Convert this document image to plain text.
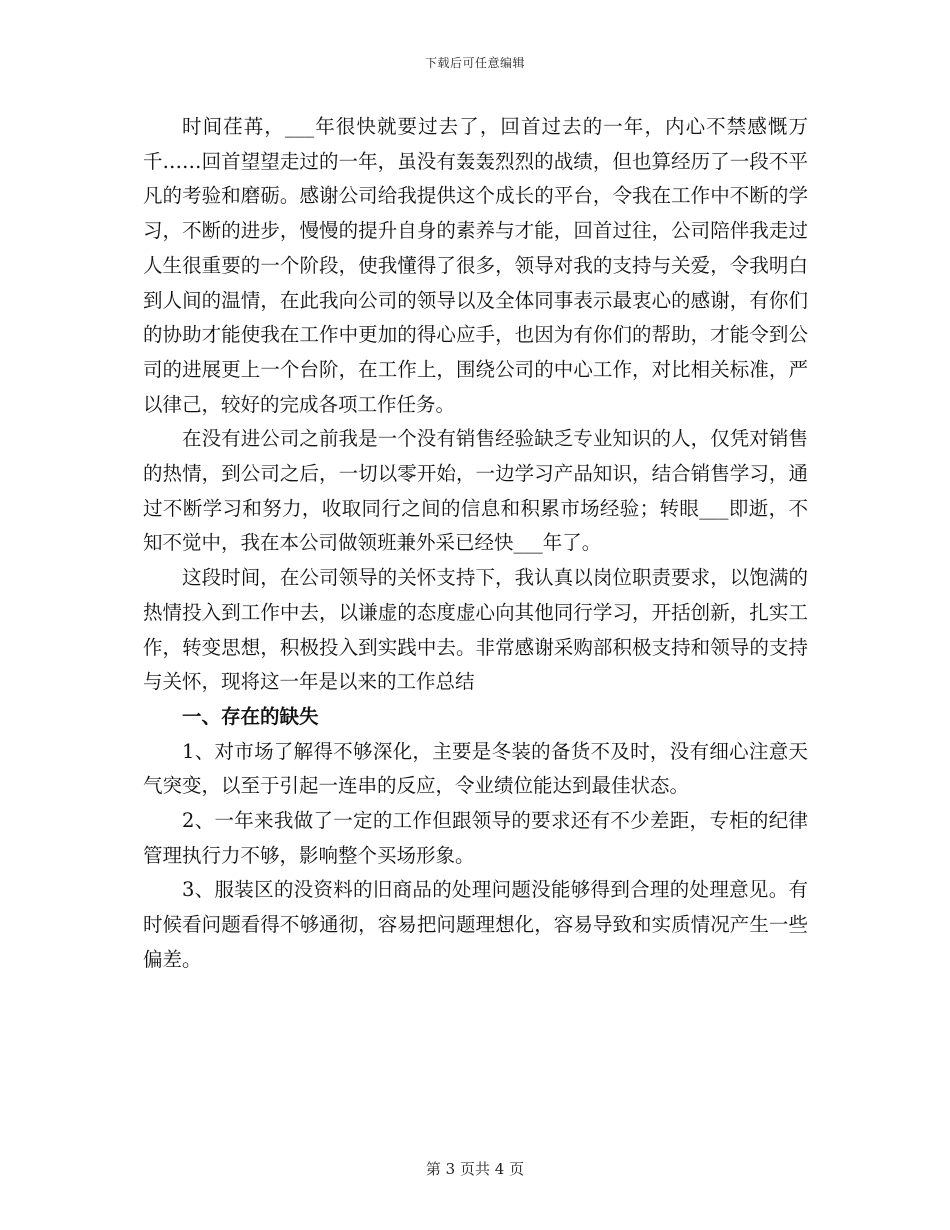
下载后可任意编辑

时间荏苒，___年很快就要过去了，回首过去的一年，内心不禁感慨万千……回首望望走过的一年，虽没有轰轰烈烈的战绩，但也算经历了一段不平凡的考验和磨砺。感谢公司给我提供这个成长的平台，令我在工作中不断的学习，不断的进步，慢慢的提升自身的素养与才能，回首过往，公司陪伴我走过人生很重要的一个阶段，使我懂得了很多，领导对我的支持与关爱，令我明白到人间的温情，在此我向公司的领导以及全体同事表示最衷心的感谢，有你们的协助才能使我在工作中更加的得心应手，也因为有你们的帮助，才能令到公司的进展更上一个台阶，在工作上，围绕公司的中心工作，对比相关标准，严以律己，较好的完成各项工作任务。

在没有进公司之前我是一个没有销售经验缺乏专业知识的人，仅凭对销售的热情，到公司之后，一切以零开始，一边学习产品知识，结合销售学习，通过不断学习和努力，收取同行之间的信息和积累市场经验；转眼___即逝，不知不觉中，我在本公司做领班兼外采已经快___年了。

这段时间，在公司领导的关怀支持下，我认真以岗位职责要求，以饱满的热情投入到工作中去，以谦虚的态度虚心向其他同行学习，开括创新，扎实工作，转变思想，积极投入到实践中去。非常感谢采购部积极支持和领导的支持与关怀，现将这一年是以来的工作总结

一、存在的缺失

1、对市场了解得不够深化，主要是冬装的备货不及时，没有细心注意天气突变，以至于引起一连串的反应，令业绩位能达到最佳状态。

2、一年来我做了一定的工作但跟领导的要求还有不少差距，专柜的纪律管理执行力不够，影响整个买场形象。

3、服装区的没资料的旧商品的处理问题没能够得到合理的处理意见。有时候看问题看得不够通彻，容易把问题理想化，容易导致和实质情况产生一些偏差。

第 3 页共 4 页
